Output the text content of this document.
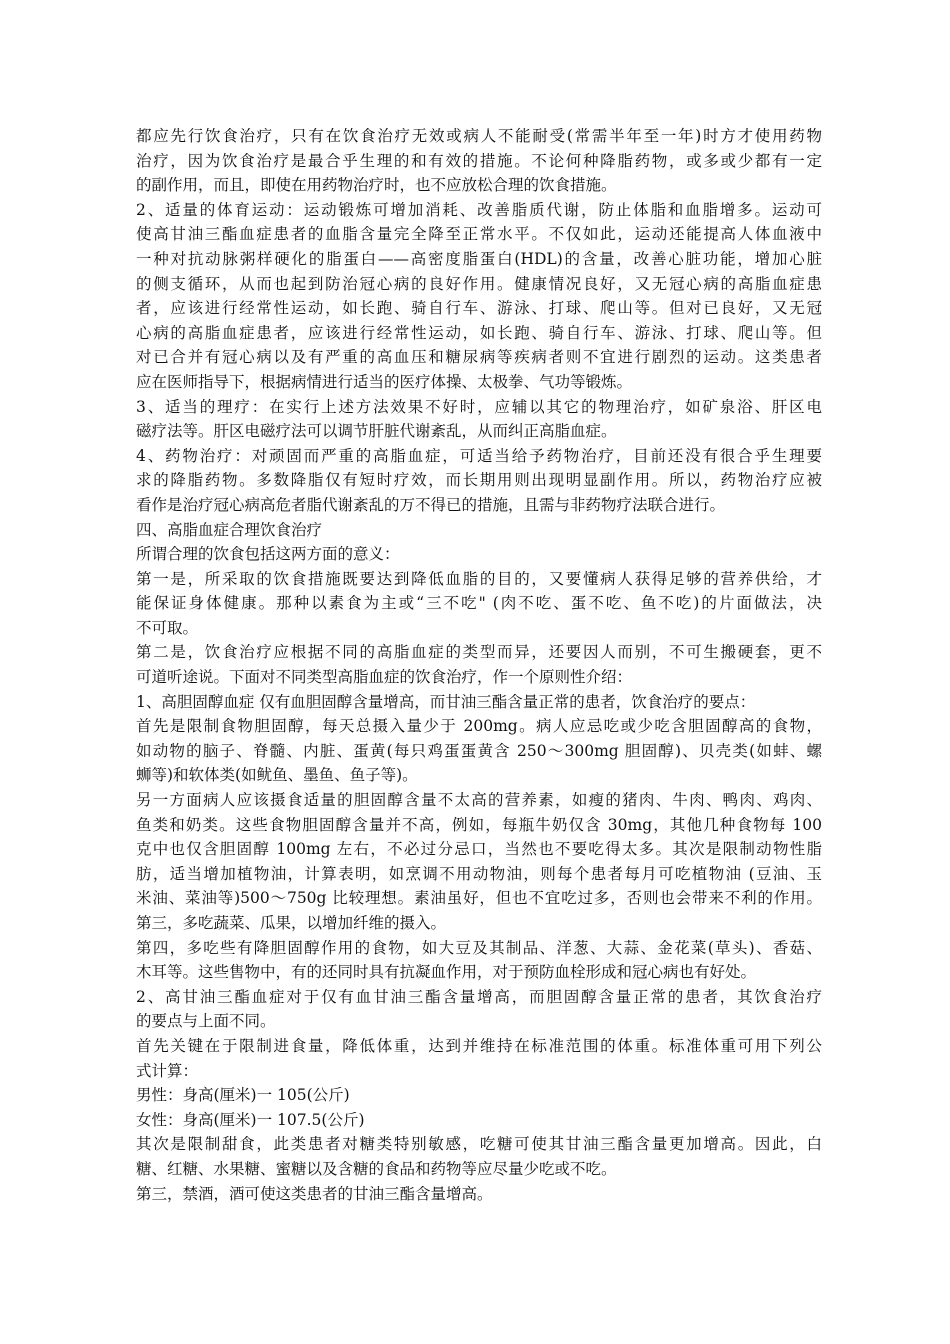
都应先行饮食治疗，只有在饮食治疗无效或病人不能耐受(常需半年至一年)时方才使用药物
治疗，因为饮食治疗是最合乎生理的和有效的措施。不论何种降脂药物，或多或少都有一定
的副作用，而且，即使在用药物治疗时，也不应放松合理的饮食措施。
2、适量的体育运动：运动锻炼可增加消耗、改善脂质代谢，防止体脂和血脂增多。运动可
使高甘油三酯血症患者的血脂含量完全降至正常水平。不仅如此，运动还能提高人体血液中
一种对抗动脉粥样硬化的脂蛋白——高密度脂蛋白(HDL)的含量，改善心脏功能，增加心脏
的侧支循环，从而也起到防治冠心病的良好作用。健康情况良好，又无冠心病的高脂血症患
者，应该进行经常性运动，如长跑、骑自行车、游泳、打球、爬山等。但对已良好，又无冠
心病的高脂血症患者，应该进行经常性运动，如长跑、骑自行车、游泳、打球、爬山等。但
对已合并有冠心病以及有严重的高血压和糖尿病等疾病者则不宜进行剧烈的运动。这类患者
应在医师指导下，根据病情进行适当的医疗体操、太极拳、气功等锻炼。
3、适当的理疗：在实行上述方法效果不好时，应辅以其它的物理治疗，如矿泉浴、肝区电
磁疗法等。肝区电磁疗法可以调节肝脏代谢紊乱，从而纠正高脂血症。
4、药物治疗：对顽固而严重的高脂血症，可适当给予药物治疗，目前还没有很合乎生理要
求的降脂药物。多数降脂仅有短时疗效，而长期用则出现明显副作用。所以，药物治疗应被
看作是治疗冠心病高危者脂代谢紊乱的万不得已的措施，且需与非药物疗法联合进行。
四、高脂血症合理饮食治疗
所谓合理的饮食包括这两方面的意义：
第一是，所采取的饮食措施既要达到降低血脂的目的，又要懂病人获得足够的营养供给，才
能保证身体健康。那种以素食为主或“三不吃" (肉不吃、蛋不吃、鱼不吃)的片面做法，决
不可取。
第二是，饮食治疗应根据不同的高脂血症的类型而异，还要因人而别，不可生搬硬套，更不
可道听途说。下面对不同类型高脂血症的饮食治疗，作一个原则性介绍：
1、高胆固醇血症 仅有血胆固醇含量增高，而甘油三酯含量正常的患者，饮食治疗的要点：
首先是限制食物胆固醇，每天总摄入量少于 200mg。病人应忌吃或少吃含胆固醇高的食物，
如动物的脑子、脊髓、内脏、蛋黄(每只鸡蛋蛋黄含 250～300mg 胆固醇)、贝壳类(如蚌、螺
蛳等)和软体类(如鱿鱼、墨鱼、鱼子等)。
另一方面病人应该摄食适量的胆固醇含量不太高的营养素，如瘦的猪肉、牛肉、鸭肉、鸡肉、
鱼类和奶类。这些食物胆固醇含量并不高，例如，每瓶牛奶仅含 30mg，其他几种食物每 100
克中也仅含胆固醇 100mg 左右，不必过分忌口，当然也不要吃得太多。其次是限制动物性脂
肪，适当增加植物油，计算表明，如烹调不用动物油，则每个患者每月可吃植物油 (豆油、玉
米油、菜油等)500～750g 比较理想。素油虽好，但也不宜吃过多，否则也会带来不利的作用。
第三，多吃蔬菜、瓜果，以增加纤维的摄入。
第四，多吃些有降胆固醇作用的食物，如大豆及其制品、洋葱、大蒜、金花菜(草头)、香菇、
木耳等。这些售物中，有的还同时具有抗凝血作用，对于预防血栓形成和冠心病也有好处。
2、高甘油三酯血症对于仅有血甘油三酯含量增高，而胆固醇含量正常的患者，其饮食治疗
的要点与上面不同。
首先关键在于限制进食量，降低体重，达到并维持在标准范围的体重。标准体重可用下列公
式计算：
男性：身高(厘米)一 105(公斤)
女性：身高(厘米)一 107.5(公斤)
其次是限制甜食，此类患者对糖类特别敏感，吃糖可使其甘油三酯含量更加增高。因此，白
糖、红糖、水果糖、蜜糖以及含糖的食品和药物等应尽量少吃或不吃。
第三，禁酒，酒可使这类患者的甘油三酯含量增高。
